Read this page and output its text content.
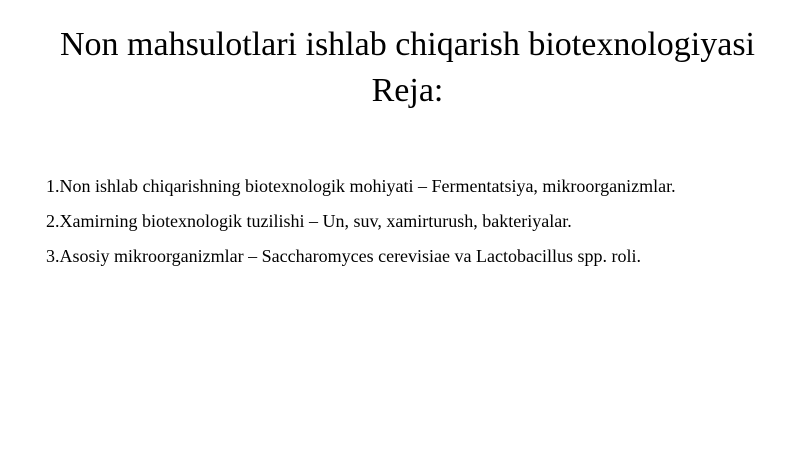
Non mahsulotlari ishlab chiqarish biotexnologiyasi
Reja:
1.Non ishlab chiqarishning biotexnologik mohiyati – Fermentatsiya, mikroorganizmlar.
2.Xamirning biotexnologik tuzilishi – Un, suv, xamirturush, bakteriyalar.
3.Asosiy mikroorganizmlar – Saccharomyces cerevisiae va Lactobacillus spp. roli.
